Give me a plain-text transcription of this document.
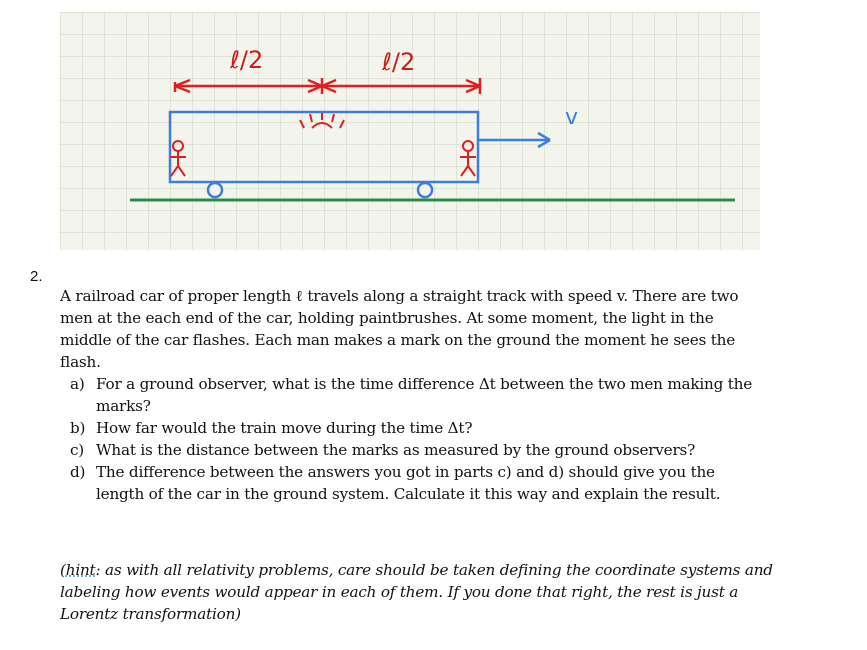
ℓ/2	ℓ/2
v
2.

A railroad car of proper length ℓ travels along a straight track with speed v. There are two men at the each end of the car, holding paintbrushes. At some moment, the light in the middle of the car flashes. Each man makes a mark on the ground the moment he sees the flash.

a) For a ground observer, what is the time difference Δt between the two men making the marks?
b) How far would the train move during the time Δt?
c) What is the distance between the marks as measured by the ground observers?
d) The difference between the answers you got in parts c) and d) should give you the length of the car in the ground system. Calculate it this way and explain the result.
(hint: as with all relativity problems, care should be taken defining the coordinate systems and labeling how events would appear in each of them. If you done that right, the rest is just a Lorentz transformation)
